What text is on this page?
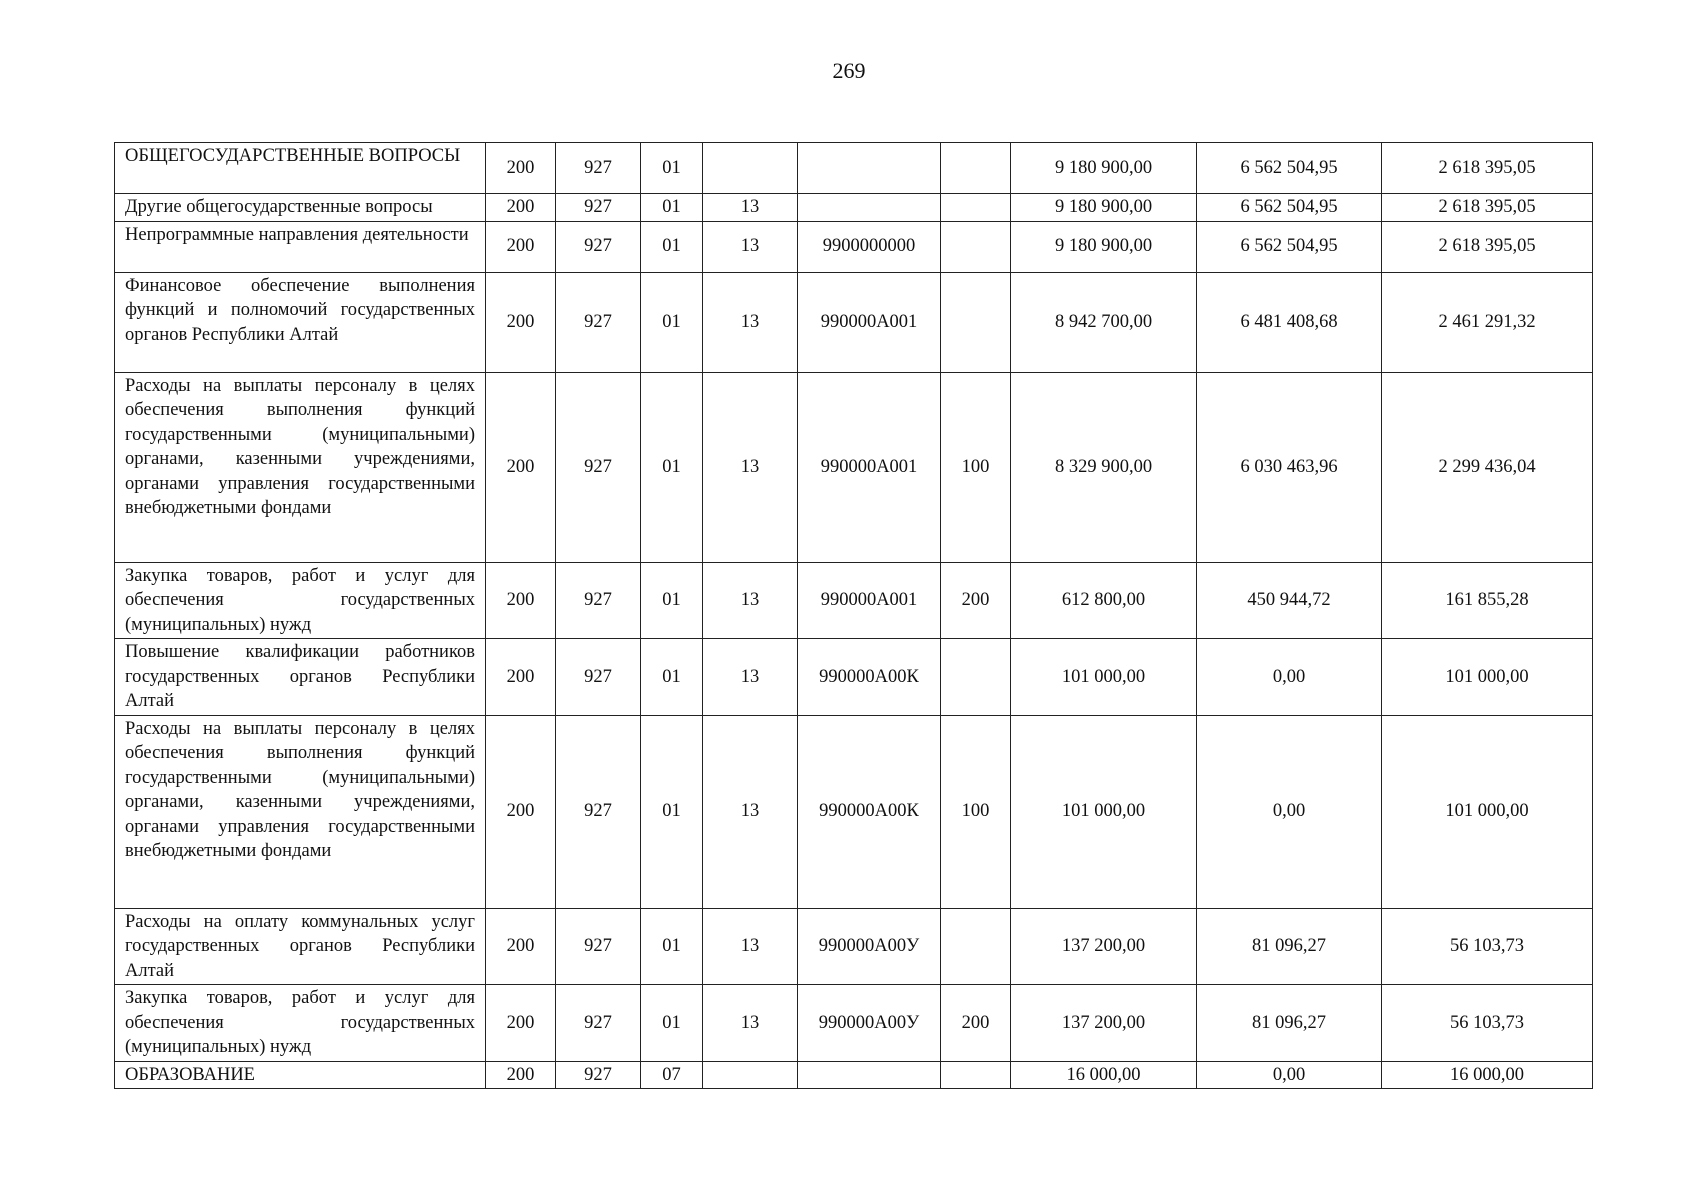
269
ОБЩЕГОСУДАРСТВЕННЫЕ ВОПРОСЫ	200	927	01				9 180 900,00	6 562 504,95	2 618 395,05
Другие общегосударственные вопросы	200	927	01	13			9 180 900,00	6 562 504,95	2 618 395,05
Непрограммные направления деятельности	200	927	01	13	9900000000		9 180 900,00	6 562 504,95	2 618 395,05
Финансовое обеспечение выполнения функций и полномочий государственных органов Республики Алтай	200	927	01	13	990000А001		8 942 700,00	6 481 408,68	2 461 291,32
Расходы на выплаты персоналу в целях обеспечения выполнения функций государственными (муниципальными) органами, казенными учреждениями, органами управления государственными внебюджетными фондами	200	927	01	13	990000А001	100	8 329 900,00	6 030 463,96	2 299 436,04
Закупка товаров, работ и услуг для обеспечения государственных (муниципальных) нужд	200	927	01	13	990000А001	200	612 800,00	450 944,72	161 855,28
Повышение квалификации работников государственных органов Республики Алтай	200	927	01	13	990000А00К		101 000,00	0,00	101 000,00
Расходы на выплаты персоналу в целях обеспечения выполнения функций государственными (муниципальными) органами, казенными учреждениями, органами управления государственными внебюджетными фондами	200	927	01	13	990000А00К	100	101 000,00	0,00	101 000,00
Расходы на оплату коммунальных услуг государственных органов Республики Алтай	200	927	01	13	990000А00У		137 200,00	81 096,27	56 103,73
Закупка товаров, работ и услуг для обеспечения государственных (муниципальных) нужд	200	927	01	13	990000А00У	200	137 200,00	81 096,27	56 103,73
ОБРАЗОВАНИЕ	200	927	07				16 000,00	0,00	16 000,00
